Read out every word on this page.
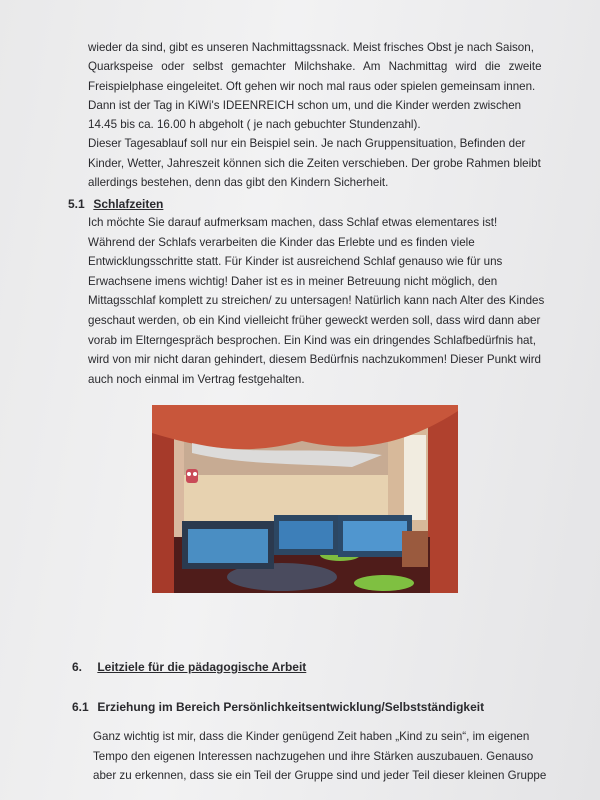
wieder da sind, gibt es unseren Nachmittagssnack. Meist frisches Obst je nach Saison,
Quarkspeise oder selbst gemachter Milchshake. Am Nachmittag wird die zweite
Freispielphase eingeleitet. Oft gehen wir noch mal raus oder spielen gemeinsam innen.
Dann ist der Tag in KiWi's IDEENREICH schon um, und die Kinder werden zwischen
14.45 bis ca. 16.00 h abgeholt ( je nach gebuchter Stundenzahl).
Dieser Tagesablauf soll nur ein Beispiel sein. Je nach Gruppensituation, Befinden der
Kinder, Wetter, Jahreszeit können sich die Zeiten verschieben. Der grobe Rahmen bleibt
allerdings bestehen, denn das gibt den Kindern Sicherheit.
5.1 Schlafzeiten
Ich möchte Sie darauf aufmerksam machen, dass Schlaf etwas elementares ist!
Während der Schlafs verarbeiten die Kinder das Erlebte und es finden viele
Entwicklungsschritte statt. Für Kinder ist ausreichend Schlaf genauso wie für uns
Erwachsene imens wichtig! Daher ist es in meiner Betreuung nicht möglich, den
Mittagsschlaf komplett zu streichen/ zu untersagen! Natürlich kann nach Alter des Kindes
geschaut werden, ob ein Kind vielleicht früher geweckt werden soll, dass wird dann aber
vorab im Elterngespräch besprochen. Ein Kind was ein dringendes Schlafbedürfnis hat,
wird von mir nicht daran gehindert, diesem Bedürfnis nachzukommen! Dieser Punkt wird
auch noch einmal im Vertrag festgehalten.
6. Leitziele für die pädagogische Arbeit
6.1 Erziehung im Bereich Persönlichkeitsentwicklung/Selbstständigkeit
Ganz wichtig ist mir, dass die Kinder genügend Zeit haben „Kind zu sein“, im eigenen
Tempo den eigenen Interessen nachzugehen und ihre Stärken auszubauen. Genauso
aber zu erkennen, dass sie ein Teil der Gruppe sind und jeder Teil dieser kleinen Gruppe
